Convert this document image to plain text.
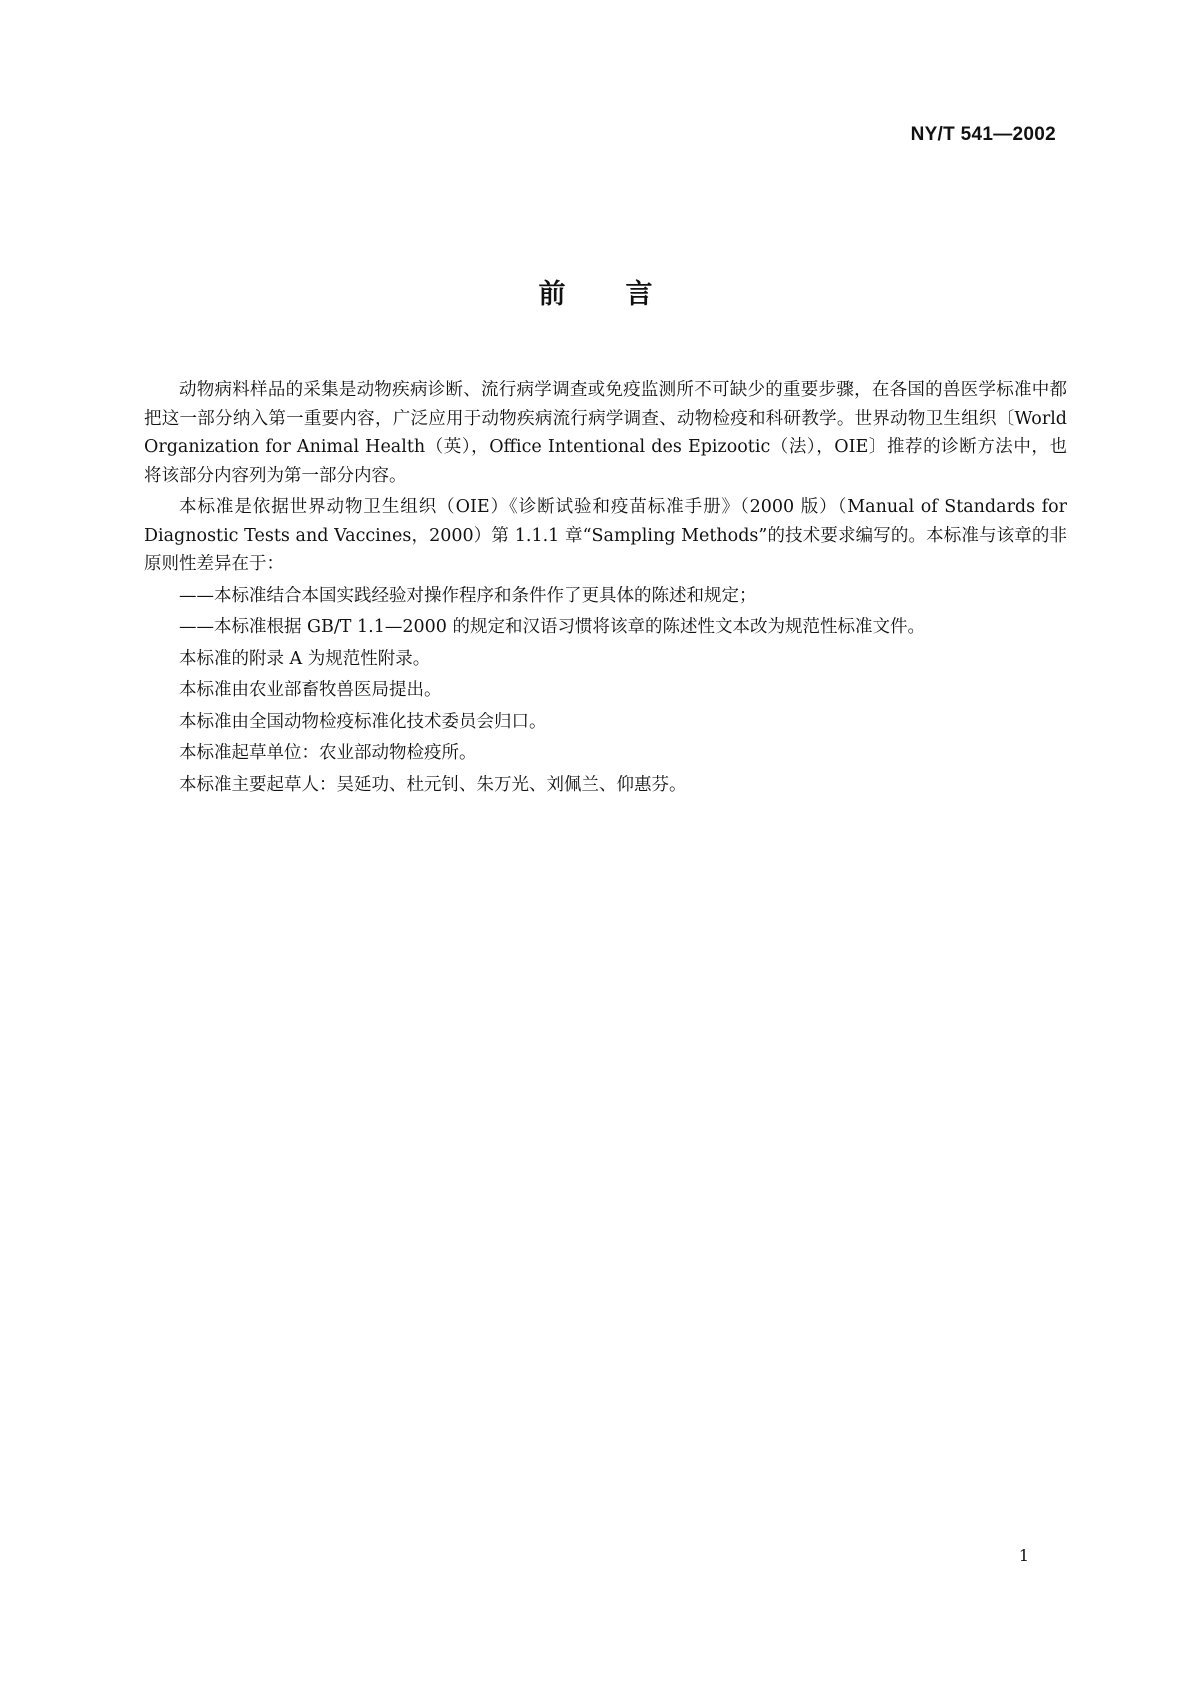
NY/T 541—2002
前言

动物病料样品的采集是动物疾病诊断、流行病学调查或免疫监测所不可缺少的重要步骤，在各国的兽医学标准中都把这一部分纳入第一重要内容，广泛应用于动物疾病流行病学调查、动物检疫和科研教学。世界动物卫生组织〔World Organization for Animal Health（英），Office Intentional des Epizootic（法），OIE〕推荐的诊断方法中，也将该部分内容列为第一部分内容。

本标准是依据世界动物卫生组织（OIE）《诊断试验和疫苗标准手册》（2000 版）（Manual of Standards for Diagnostic Tests and Vaccines，2000）第 1.1.1 章“Sampling Methods”的技术要求编写的。本标准与该章的非原则性差异在于：

——本标准结合本国实践经验对操作程序和条件作了更具体的陈述和规定；

——本标准根据 GB/T 1.1—2000 的规定和汉语习惯将该章的陈述性文本改为规范性标准文件。

本标准的附录 A 为规范性附录。

本标准由农业部畜牧兽医局提出。

本标准由全国动物检疫标准化技术委员会归口。

本标准起草单位：农业部动物检疫所。

本标准主要起草人：吴延功、杜元钊、朱万光、刘佩兰、仰惠芬。

1
